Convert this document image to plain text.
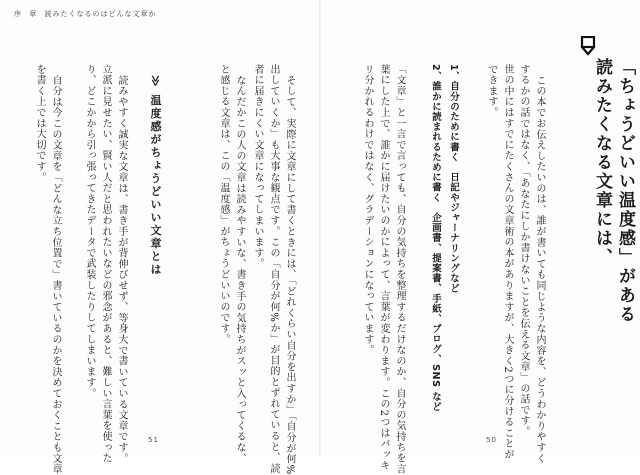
序 章 読みたくなるのはどんな文章か
読みたくなる文章には、 「ちょうどいい温度感」がある
この本でお伝えしたいのは、誰が書いても同じような内容を、どうわかりやすく
するかの話ではなく、「あなたにしか書けないことを伝える文章」の話です。
世の中にはすでにたくさんの文章術の本がありますが、大きく2つに分けることが
できます。
1、自分のために書く　日記やジャーナリングなど
2、誰かに読まれるために書く　企画書、提案書、手紙、ブログ、SNS など
「文章」と一言で言っても、自分の気持ちを整理するだけなのか、自分の気持ちを言
葉にした上で、誰かに届けたいのかによって、言葉が変わります。この2つはバッキ
リ分かれるわけではなく、グラデーションになっています。
50
そして、実際に文章にして書くときには、「どれくらい自分を出すか」「自分が何%
出していくか」も大事な観点です。この「自分が何%か」が目的とずれていると、読
者に届きにくい文章になってしまいます。
なんだかこの人の文章は読みやすいな、書き手の気持ちがスッと入ってくるな、
と感じる文章は、この「温度感」がちょうどいいのです。
≫ 温度感がちょうどいい文章とは
読みやすく誠実な文章は、書き手が背伸びせず、等身大で書いている文章です。
立派に見せたい、賢い人だと思われたいなどの邪念があると、難しい言葉を使った
り、どこかから引っ張ってきたデータで武装したりしてしまいます。
自分は今この文章を「どんな立ち位置で」書いているのかを決めておくことも文章
を書く上では大切です。
51
